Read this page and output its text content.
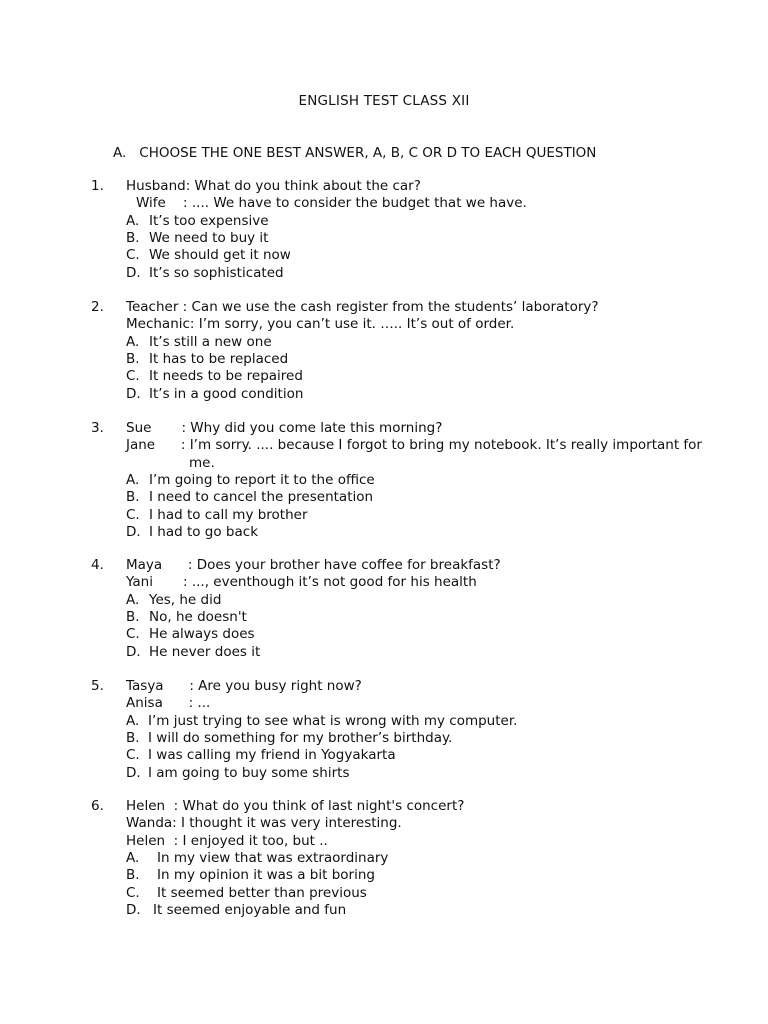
ENGLISH TEST CLASS XII
A. CHOOSE THE ONE BEST ANSWER, A, B, C OR D TO EACH QUESTION
1. Husband: What do you think about the car?
Wife    : .... We have to consider the budget that we have.
A. It’s too expensive
B. We need to buy it
C. We should get it now
D. It’s so sophisticated
2. Teacher : Can we use the cash register from the students’ laboratory?
Mechanic: I’m sorry, you can’t use it. ….. It’s out of order.
A. It’s still a new one
B. It has to be replaced
C. It needs to be repaired
D. It’s in a good condition
3. Sue       : Why did you come late this morning?
Jane      : I’m sorry. .... because I forgot to bring my notebook. It’s really important for
me.
A. I’m going to report it to the office
B. I need to cancel the presentation
C. I had to call my brother
D. I had to go back
4. Maya      : Does your brother have coffee for breakfast?
Yani       : ..., eventhough it’s not good for his health
A. Yes, he did
B. No, he doesn't
C. He always does
D. He never does it
5. Tasya      : Are you busy right now?
Anisa      : ...
A. I’m just trying to see what is wrong with my computer.
B. I will do something for my brother’s birthday.
C. I was calling my friend in Yogyakarta
D. I am going to buy some shirts
6. Helen  : What do you think of last night's concert?
Wanda: I thought it was very interesting.
Helen  : I enjoyed it too, but ..
A. In my view that was extraordinary
B. In my opinion it was a bit boring
C. It seemed better than previous
D. It seemed enjoyable and fun
